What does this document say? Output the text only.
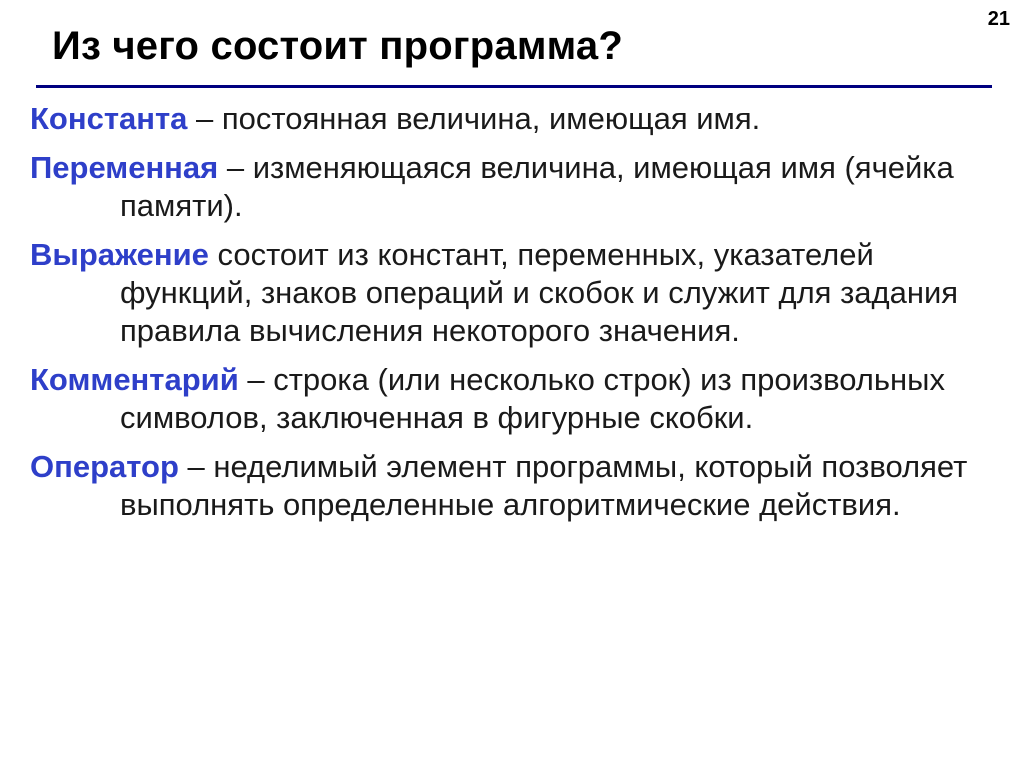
21
Из чего состоит программа?
Константа – постоянная величина, имеющая имя.
Переменная – изменяющаяся величина, имеющая имя (ячейка памяти).
Выражение состоит из констант, переменных, указателей функций, знаков операций и скобок и служит для задания правила вычисления некоторого значения.
Комментарий – строка (или несколько строк) из произвольных символов, заключенная в фигурные скобки.
Оператор – неделимый элемент программы, который позволяет выполнять определенные алгоритмические действия.
